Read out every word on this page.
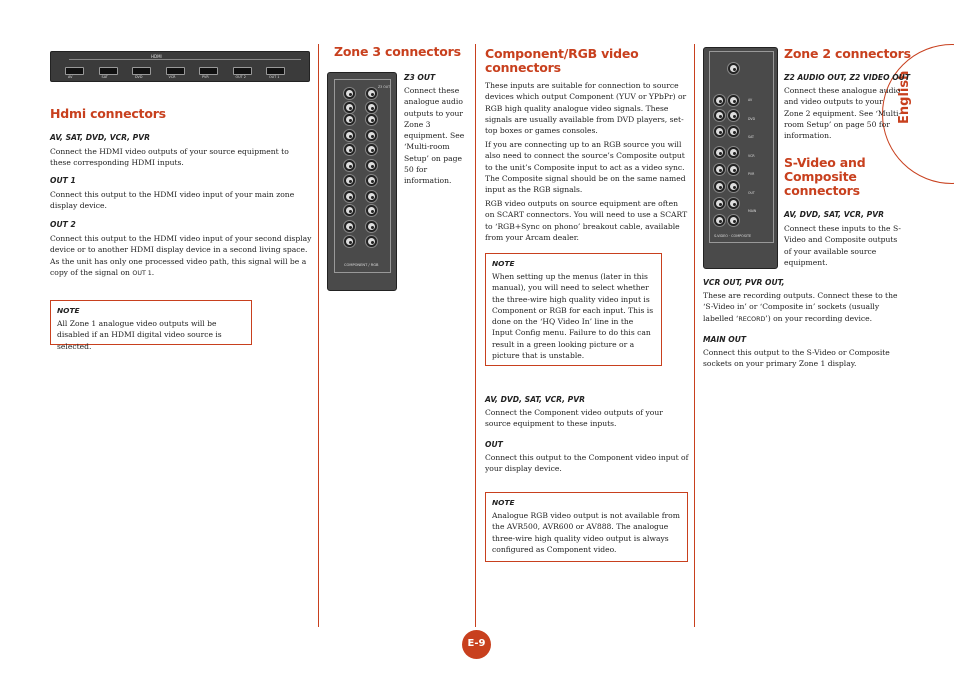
English
HDMI
AV	SAT	DVD	VCR	PVR	OUT 2	OUT 1
Hdmi connectors
AV, SAT, DVD, VCR, PVR
Connect the HDMI video outputs of your source equipment to these corresponding HDMI inputs.
OUT 1
Connect this output to the HDMI video input of your main zone display device.
OUT 2
Connect this output to the HDMI video input of your second display device or to another HDMI display device in a second living space. As the unit has only one processed video path, this signal will be a copy of the signal on OUT 1.
NOTE
All Zone 1 analogue video outputs will be disabled if an HDMI digital video source is selected.
Zone 3 connectors
Z3 OUT
COMPONENT / RGB
Z3 OUT
Connect these analogue audio outputs to your Zone 3 equipment. See ‘Multi-room Setup’ on page 50 for information.
Component/RGB video connectors
These inputs are suitable for connection to source devices which output Component (YUV or YPbPr) or RGB high quality analogue video signals. These signals are usually available from DVD players, set-top boxes or games consoles.
If you are connecting up to an RGB source you will also need to connect the source’s Composite output to the unit’s Composite input to act as a video sync. The Composite signal should be on the same named input as the RGB signals.
RGB video outputs on source equipment are often on SCART connectors. You will need to use a SCART to ‘RGB+Sync on phono’ breakout cable, available from your Arcam dealer.
NOTE
When setting up the menus (later in this manual), you will need to select whether the three-wire high quality video input is Component or RGB for each input. This is done on the ‘HQ Video In’ line in the Input Config menu. Failure to do this can result in a green looking picture or a picture that is unstable.
AV, DVD, SAT, VCR, PVR
Connect the Component video outputs of your source equipment to these inputs.
OUT
Connect this output to the Component video input of your display device.
NOTE
Analogue RGB video output is not available from the AVR500, AVR600 or AV888. The analogue three-wire high quality video output is always configured as Component video.
AV
DVD
SAT
VCR
PVR
OUT
MAIN
S-VIDEO · COMPOSITE
Zone 2 connectors
Z2 AUDIO OUT, Z2 VIDEO OUT
Connect these analogue audio and video outputs to your Zone 2 equipment. See ‘Multi-room Setup’ on page 50 for information.
S-Video and Composite connectors
AV, DVD, SAT, VCR, PVR
Connect these inputs to the S-Video and Composite outputs of your available source equipment.
VCR OUT, PVR OUT,
These are recording outputs. Connect these to the ‘S-Video in’ or ‘Composite in’ sockets (usually labelled ‘RECORD’) on your recording device.
MAIN OUT
Connect this output to the S-Video or Composite sockets on your primary Zone 1 display.
E-9
